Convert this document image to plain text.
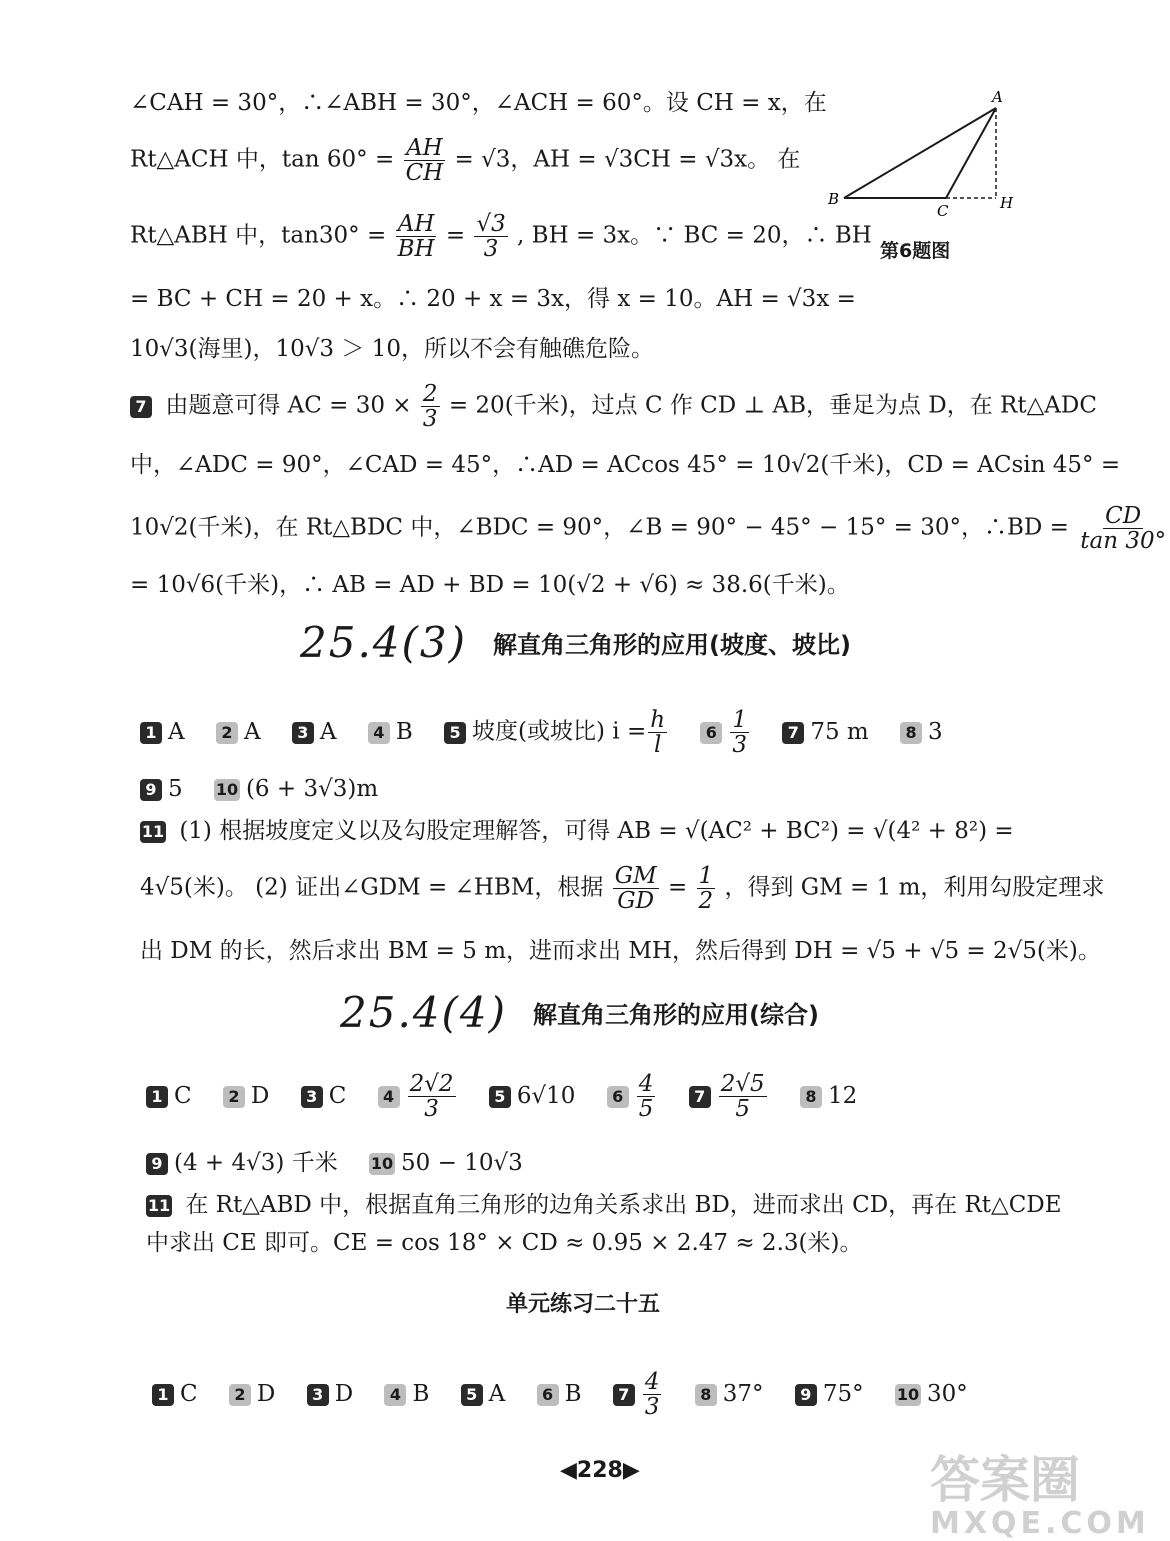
A
B
C	H
第6题图
∠CAH = 30°，∴∠ABH = 30°，∠ACH = 60°。设 CH = x，在
Rt△ACH 中，$\tan 60^\circ = \frac{AH}{CH} = √3$，AH = √3CH = √3x。 在
Rt△ABH 中，$\tan 30^\circ = \frac{AH}{BH} = \frac{√3}{3}$ , BH = 3x。∵ BC = 20，∴ BH
= BC + CH = 20 + x。∴ 20 + x = 3x，得 x = 10。AH = √3x =
10√3(海里)，10√3 ＞ 10，所以不会有触礁危险。
7 由题意可得 AC = $30 \times \frac{2}{3} = 20$(千米)，过点 C 作 CD ⊥ AB，垂足为点 D，在 Rt△ADC
中，∠ADC = 90°，∠CAD = 45°，∴AD = ACcos 45° = 10√2(千米)，CD = ACsin 45° =
10√2(千米)，在 Rt△BDC 中，∠BDC = 90°，∠B = 90° − 45° − 15° = 30°，∴BD = $\frac{CD}{\tan 30^\circ}$
= 10√6(千米)，∴ AB = AD + BD = 10(√2 + √6) ≈ 38.6(千米)。
25.4(3) 解直角三角形的应用(坡度、坡比)
1 A 2 A 3 A 4 B 5 坡度(或坡比) $i = \frac{h}{l} 6 \frac{1}{3} 7$ 75 m 8 3
9 5 10 (6 + 3√3)m
11 (1) 根据坡度定义以及勾股定理解答，可得 AB = √(AC² + BC²) = √(4² + 8²) =
4√5(米)。 (2) 证出∠GDM = ∠HBM，根据 $\frac{GM}{GD} = \frac{1}{2}$ ，得到 GM = 1 m，利用勾股定理求
出 DM 的长，然后求出 BM = 5 m，进而求出 MH，然后得到 DH = √5 + √5 = 2√5(米)。
25.4(4) 解直角三角形的应用(综合)
1 C 2 D 3 C $4 \frac{2√2}{3} 5$ 6√10 $6 \frac{4}{5} 7 \frac{2√5}{5} 8$ 12
9 (4 + 4√3) 千米 10 50 − 10√3
11 在 Rt△ABD 中，根据直角三角形的边角关系求出 BD，进而求出 CD，再在 Rt△CDE
中求出 CE 即可。CE = cos 18° × CD ≈ 0.95 × 2.47 ≈ 2.3(米)。
单元练习二十五
1 C 2 D 3 D 4 B 5 A 6 B $7 \frac{4}{3} 8$ 37° 9 75° 10 30°
◀228▶	答案圈
MXQE.COM
